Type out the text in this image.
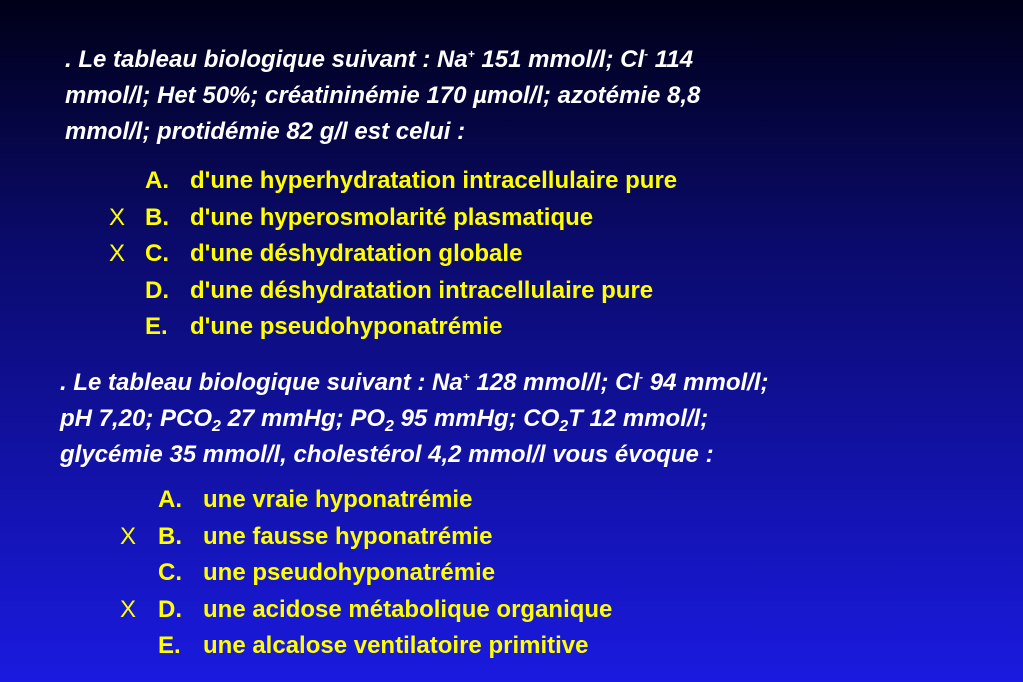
. Le tableau biologique suivant : Na+ 151 mmol/l; Cl- 114
mmol/l; Het 50%; créatininémie 170 µmol/l; azotémie 8,8
mmol/l; protidémie 82 g/l est celui :
A. d'une hyperhydratation intracellulaire pure
X B. d'une hyperosmolarité plasmatique
X C. d'une déshydratation globale
D. d'une déshydratation intracellulaire pure
E. d'une pseudohyponatrémie
. Le tableau biologique suivant : Na+ 128 mmol/l; Cl- 94 mmol/l;
pH 7,20; $PCO_2$ 27 mmHg; $PO_2$ 95 mmHg; $CO_2T$ 12 mmol/l;
glycémie 35 mmol/l, cholestérol 4,2 mmol/l vous évoque :
A. une vraie hyponatrémie
X B. une fausse hyponatrémie
C. une pseudohyponatrémie
X D. une acidose métabolique organique
E. une alcalose ventilatoire primitive
